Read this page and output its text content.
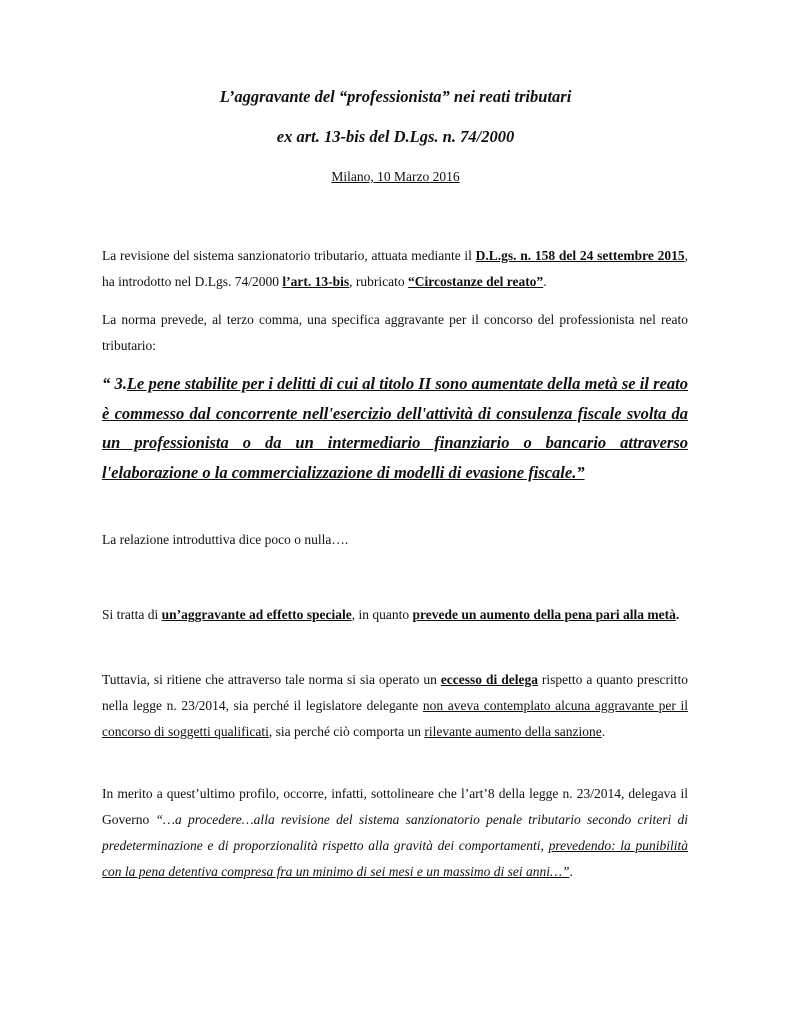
L’aggravante del “professionista” nei reati tributari
ex art. 13-bis del D.Lgs. n. 74/2000
Milano, 10 Marzo 2016
La revisione del sistema sanzionatorio tributario, attuata mediante il D.L.gs. n. 158 del 24 settembre 2015, ha introdotto nel D.Lgs. 74/2000 l’art. 13-bis, rubricato “Circostanze del reato”.
La norma prevede, al terzo comma, una specifica aggravante per il concorso del professionista nel reato tributario:
“ 3.Le pene stabilite per i delitti di cui al titolo II sono aumentate della metà se il reato è commesso dal concorrente nell'esercizio dell'attività di consulenza fiscale svolta da un professionista o da un intermediario finanziario o bancario attraverso l'elaborazione o la commercializzazione di modelli di evasione fiscale.”
La relazione introduttiva dice poco o nulla….
Si tratta di un’aggravante ad effetto speciale, in quanto prevede un aumento della pena pari alla metà.
Tuttavia, si ritiene che attraverso tale norma si sia operato un eccesso di delega rispetto a quanto prescritto nella legge n. 23/2014, sia perché il legislatore delegante non aveva contemplato alcuna aggravante per il concorso di soggetti qualificati, sia perché ciò comporta un rilevante aumento della sanzione.
In merito a quest’ultimo profilo, occorre, infatti, sottolineare che l’art’8 della legge n. 23/2014, delegava il Governo “…a procedere…alla revisione del sistema sanzionatorio penale tributario secondo criteri di predeterminazione e di proporzionalità rispetto alla gravità dei comportamenti, prevedendo: la punibilità con la pena detentiva compresa fra un minimo di sei mesi e un massimo di sei anni…”.
